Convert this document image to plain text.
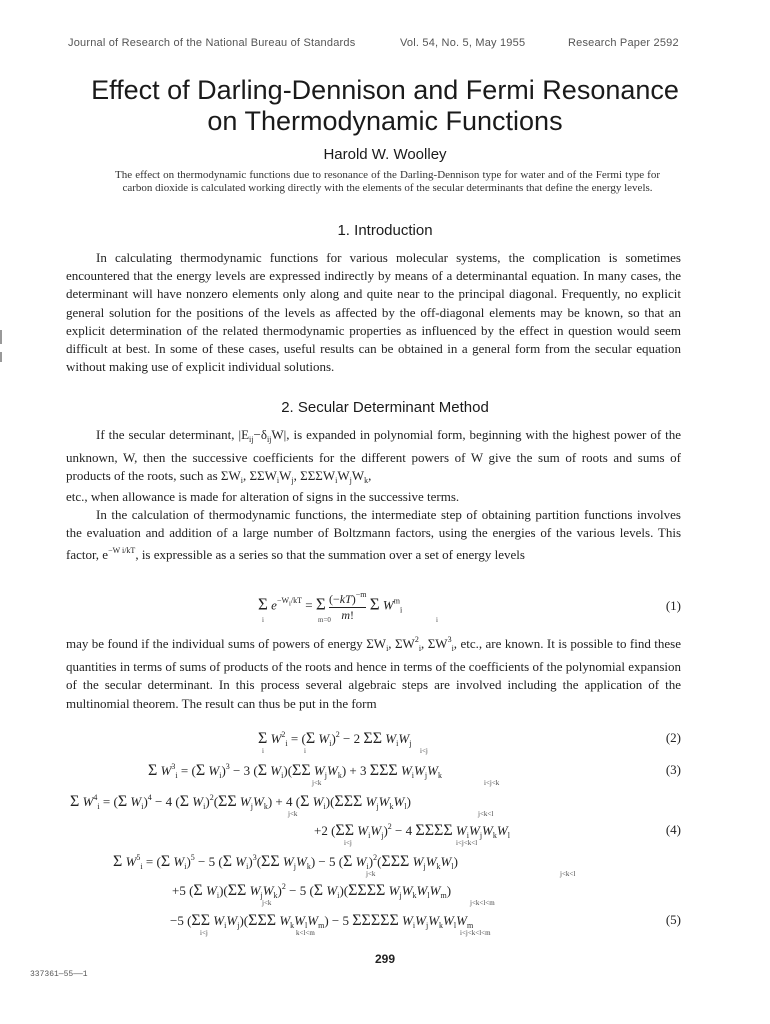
Journal of Research of the National Bureau of Standards	Vol. 54, No. 5, May 1955	Research Paper 2592
Effect of Darling-Dennison and Fermi Resonance
on Thermodynamic Functions
Harold W. Woolley
The effect on thermodynamic functions due to resonance of the Darling-Dennison type for water and of the Fermi type for carbon dioxide is calculated working directly with the elements of the secular determinants that define the energy levels.
1. Introduction
In calculating thermodynamic functions for various molecular systems, the complication is sometimes encountered that the energy levels are expressed indirectly by means of a determinantal equation. In many cases, the determinant will have nonzero elements only along and quite near to the principal diagonal. Frequently, no explicit general solution for the positions of the levels as affected by the off-diagonal elements may be known, so that an explicit determination of the related thermodynamic properties as influenced by the effect in question would seem difficult at best. In some of these cases, useful results can be obtained in a general form from the secular equation without making use of explicit individual solutions.
2. Secular Determinant Method
If the secular determinant, $|E_{ij}-\delta_{ij}W|$, is expanded in polynomial form, beginning with the highest power of the unknown, W, then the successive coefficients for the different powers of W give the sum of roots and sums of products of the roots, such as $\Sigma W_i$, $\Sigma\Sigma W_iW_j$, $\Sigma\Sigma\Sigma W_iW_jW_k$,
etc., when allowance is made for alteration of signs in the successive terms.
In the calculation of thermodynamic functions, the intermediate step of obtaining partition functions involves the evaluation and addition of a large number of Boltzmann factors, using the energies of the various levels. This factor, $e^{-W i/kT}$, is expressible as a series so that the summation over a set of energy levels
Σ $e^{-W_i/kT} = \Sigma \frac{(-kT)^{-m}}{m!}$ Σ $W^m_i$
i	m=0	i
(1)
may be found if the individual sums of powers of energy $\Sigma W_i$, $\Sigma W^2_i$, $\Sigma W^3_i$, etc., are known. It is possible to find these quantities in terms of sums of products of the roots and hence in terms of the coefficients of the polynomial expansion of the secular determinant. In this process several algebraic steps are involved including the application of the multinomial theorem. The result can thus be put in the form
Σ $W^2_i = (\Sigma$ $W_i)^2 - 2$ ΣΣ $W_iW_j$
i	i	i<j
(2)
Σ $W^3_i = (\Sigma$ $W_i)^3 - 3$ (Σ $W_i)(\Sigma\Sigma$ $W_jW_k) + 3$ ΣΣΣ $W_iW_jW_k$
j<k	i<j<k
(3)
Σ $W^4_i = (\Sigma$ $W_i)^4 - 4$ (Σ $W_i)^2(\Sigma\Sigma$ $W_jW_k) + 4$ (Σ $W_i)(\Sigma\Sigma\Sigma$ $W_jW_kW_l$)
j<k	j<k<l
+2 (ΣΣ $W_iW_j)^2 - 4$ ΣΣΣΣ $W_iW_jW_kW_l$
i<j	i<j<k<l
(4)
Σ $W^5_i = (\Sigma$ $W_i)^5 - 5$ (Σ $W_i)^3(\Sigma\Sigma$ $W_jW_k) - 5$ (Σ $W_i)^2(\Sigma\Sigma\Sigma$ $W_jW_kW_l$)
j<k	j<k<l
+5 (Σ $W_i)(\Sigma\Sigma$ $W_jW_k)^2 - 5$ (Σ $W_i)(\Sigma\Sigma\Sigma\Sigma$ $W_jW_kW_lW_m$)
j<k	j<k<l<m
−5 (ΣΣ $W_iW_j)(\Sigma\Sigma\Sigma$ $W_kW_lW_m) - 5$ ΣΣΣΣΣ $W_iW_jW_kW_lW_m$
i<j	k<l<m	i<j<k<l<m
(5)
299
337361—55——1
